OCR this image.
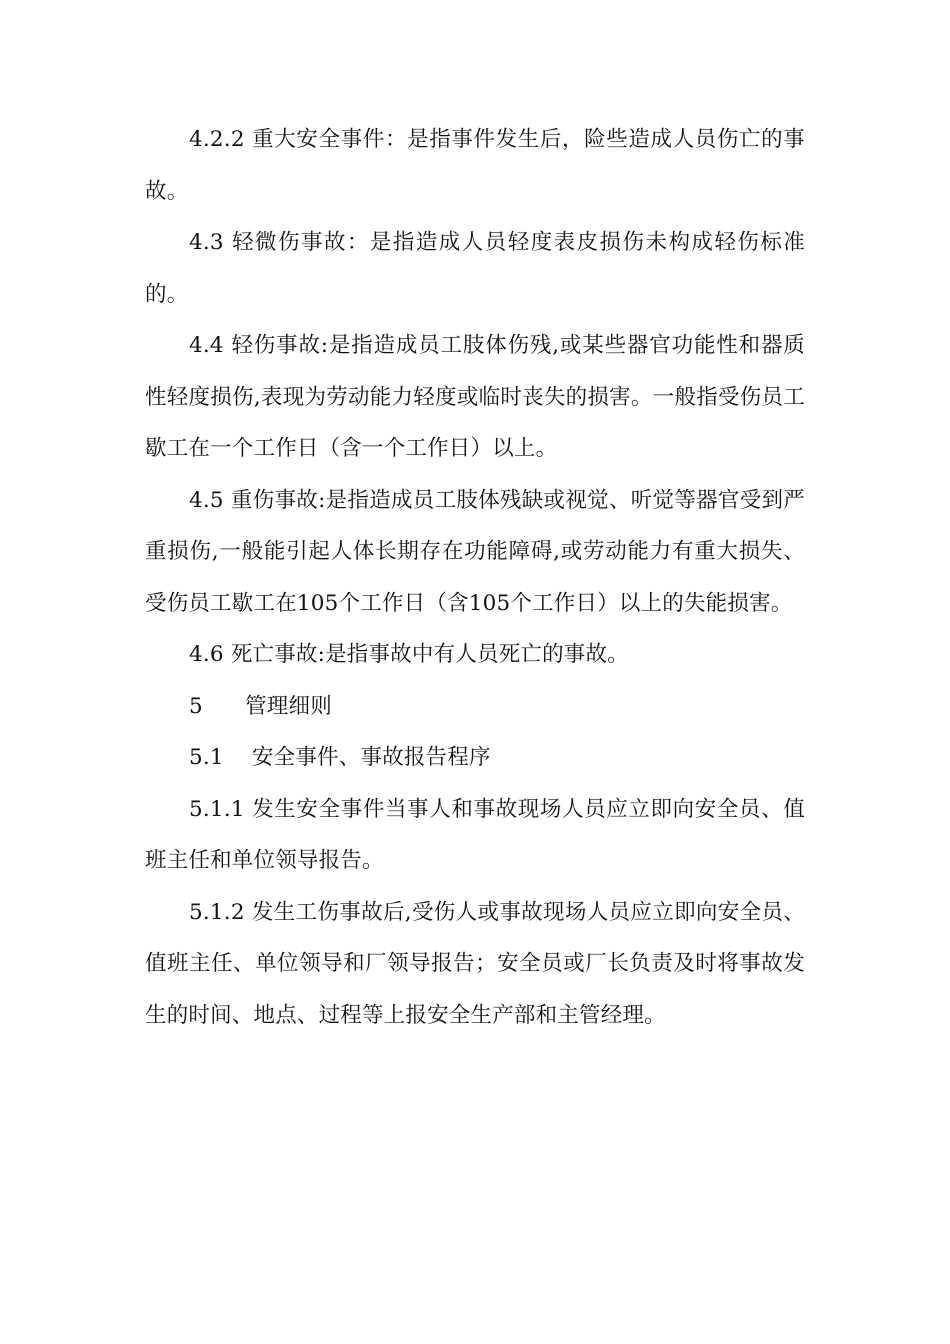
4.2.2 重大安全事件：是指事件发生后，险些造成人员伤亡的事故。

4.3 轻微伤事故：是指造成人员轻度表皮损伤未构成轻伤标准的。

4.4 轻伤事故:是指造成员工肢体伤残,或某些器官功能性和器质性轻度损伤,表现为劳动能力轻度或临时丧失的损害。一般指受伤员工歇工在一个工作日（含一个工作日）以上。

4.5 重伤事故:是指造成员工肢体残缺或视觉、听觉等器官受到严重损伤,一般能引起人体长期存在功能障碍,或劳动能力有重大损失、受伤员工歇工在105个工作日（含105个工作日）以上的失能损害。

4.6 死亡事故:是指事故中有人员死亡的事故。

5 管理细则

5.1 安全事件、事故报告程序

5.1.1 发生安全事件当事人和事故现场人员应立即向安全员、值班主任和单位领导报告。

5.1.2 发生工伤事故后,受伤人或事故现场人员应立即向安全员、值班主任、单位领导和厂领导报告；安全员或厂长负责及时将事故发生的时间、地点、过程等上报安全生产部和主管经理。
